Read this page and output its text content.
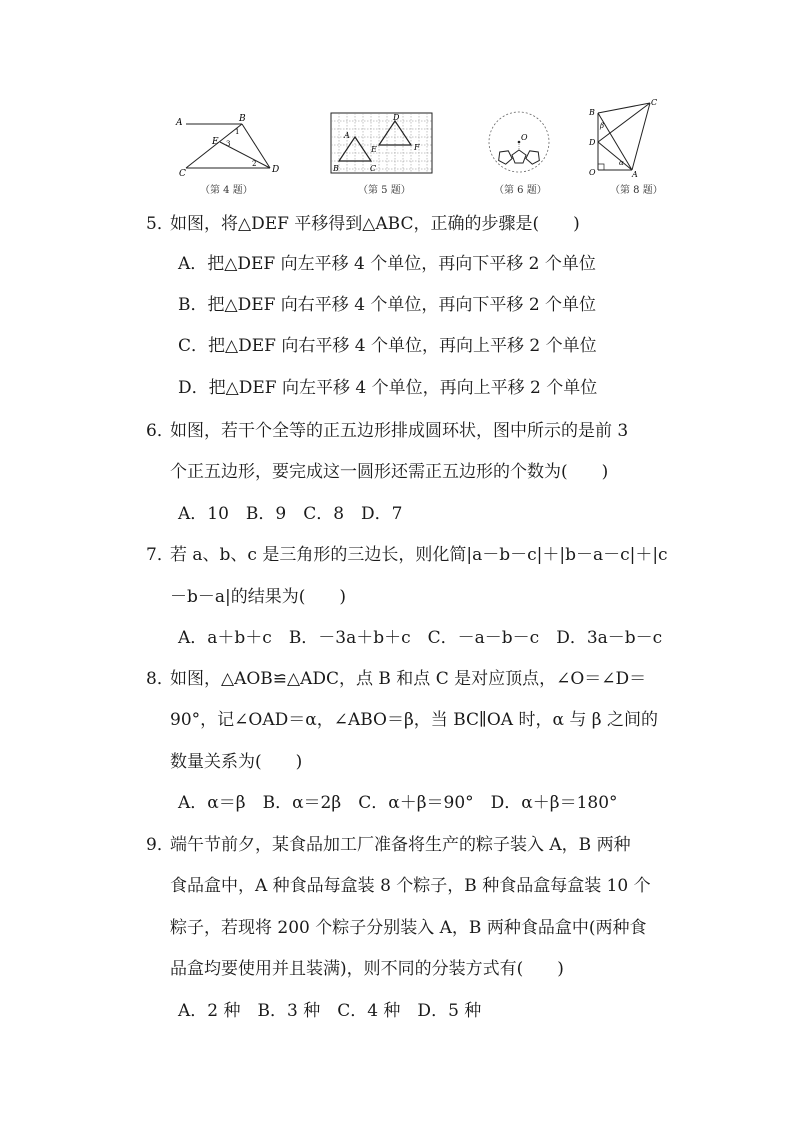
A	B
C	D
E
1
3
2
（第 4 题）
A
B	C
D
E	F
（第 5 题）
O
（第 6 题）
B
C
D
O	A
β
α
（第 8 题）
5．
如图，将△DEF 平移得到△ABC，正确的步骤是(　　)
A．把△DEF 向左平移 4 个单位，再向下平移 2 个单位
B．把△DEF 向右平移 4 个单位，再向下平移 2 个单位
C．把△DEF 向右平移 4 个单位，再向上平移 2 个单位
D．把△DEF 向左平移 4 个单位，再向上平移 2 个单位
6．
如图，若干个全等的正五边形排成圆环状，图中所示的是前 3
个正五边形，要完成这一圆形还需正五边形的个数为(　　)
A．10　B．9　C．8　D．7
7．
若 a、b、c 是三角形的三边长，则化简|a－b－c|＋|b－a－c|＋|c
－b－a|的结果为(　　)
A．a＋b＋c　B．－3a＋b＋c　C．－a－b－c　D．3a－b－c
8．
如图，△AOB≌△ADC，点 B 和点 C 是对应顶点，∠O＝∠D＝
90°，记∠OAD＝α，∠ABO＝β，当 BC∥OA 时，α 与 β 之间的
数量关系为(　　)
A．α＝β　B．α＝2β　C．α＋β＝90°　D．α＋β＝180°
9．
端午节前夕，某食品加工厂准备将生产的粽子装入 A，B 两种
食品盒中，A 种食品每盒装 8 个粽子，B 种食品盒每盒装 10 个
粽子，若现将 200 个粽子分别装入 A，B 两种食品盒中(两种食
品盒均要使用并且装满)，则不同的分装方式有(　　)
A．2 种　B．3 种　C．4 种　D．5 种
